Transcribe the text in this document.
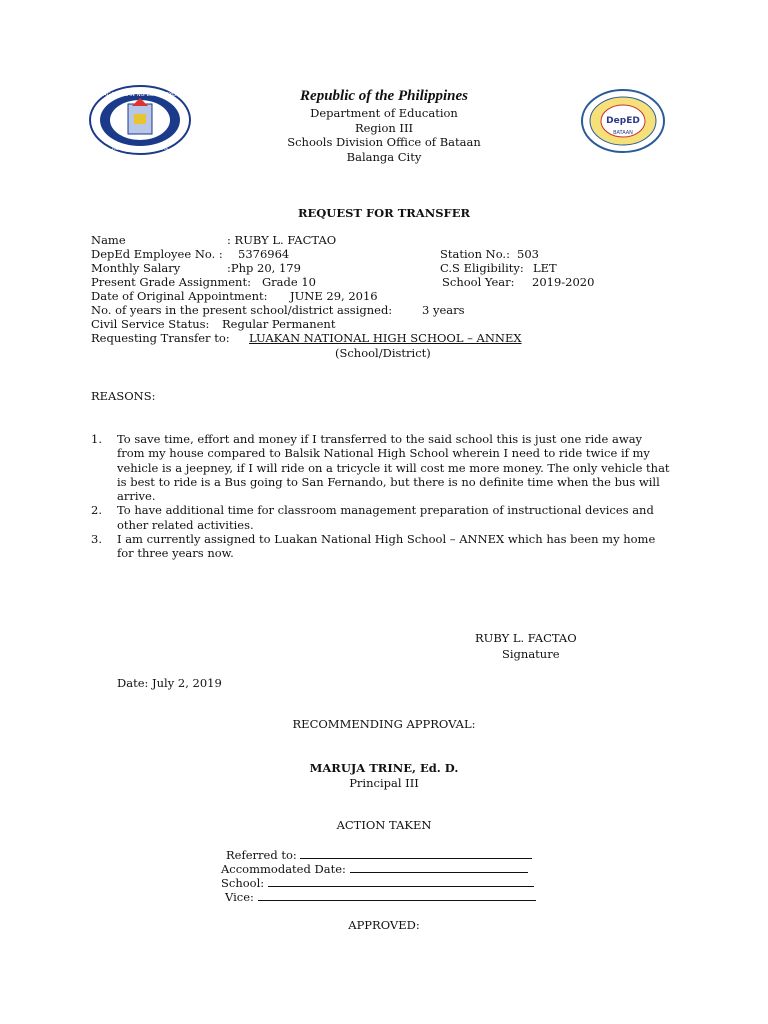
KAGAWARAN NG EDUKASYON
REPUBLIKA NG PILIPINAS
DepED
BATAAN
Republic of the Philippines
Department of Education
Region III
Schools Division Office of Bataan
Balanga City
REQUEST FOR TRANSFER
Name	: RUBY L. FACTAO
DepEd Employee No. : 5376964	Station No.: 503
Monthly Salary	:Php 20, 179	C.S Eligibility: LET
Present Grade Assignment: Grade 10	School Year: 2019-2020
Date of Original Appointment: JUNE 29, 2016
No. of years in the present school/district assigned:	3 years
Civil Service Status: Regular Permanent
Requesting Transfer to: LUAKAN NATIONAL HIGH SCHOOL – ANNEX
(School/District)
REASONS:
1.	To save time, effort and money if I transferred to the said school this is just one ride away from my house compared to Balsik National High School wherein I need to ride twice if my vehicle is a jeepney, if I will ride on a tricycle it will cost me more money. The only vehicle that is best to ride is a Bus going to San Fernando, but there is no definite time when the bus will arrive.
2.	To have additional time for classroom management preparation of instructional devices and other related activities.
3.	I am currently assigned to Luakan National High School – ANNEX which has been my home for three years now.
RUBY L. FACTAO
Signature
Date: July 2, 2019
RECOMMENDING APPROVAL:
MARUJA TRINE, Ed. D.
Principal III
ACTION TAKEN
Referred to:
Accommodated Date:
School:
Vice:
APPROVED:
